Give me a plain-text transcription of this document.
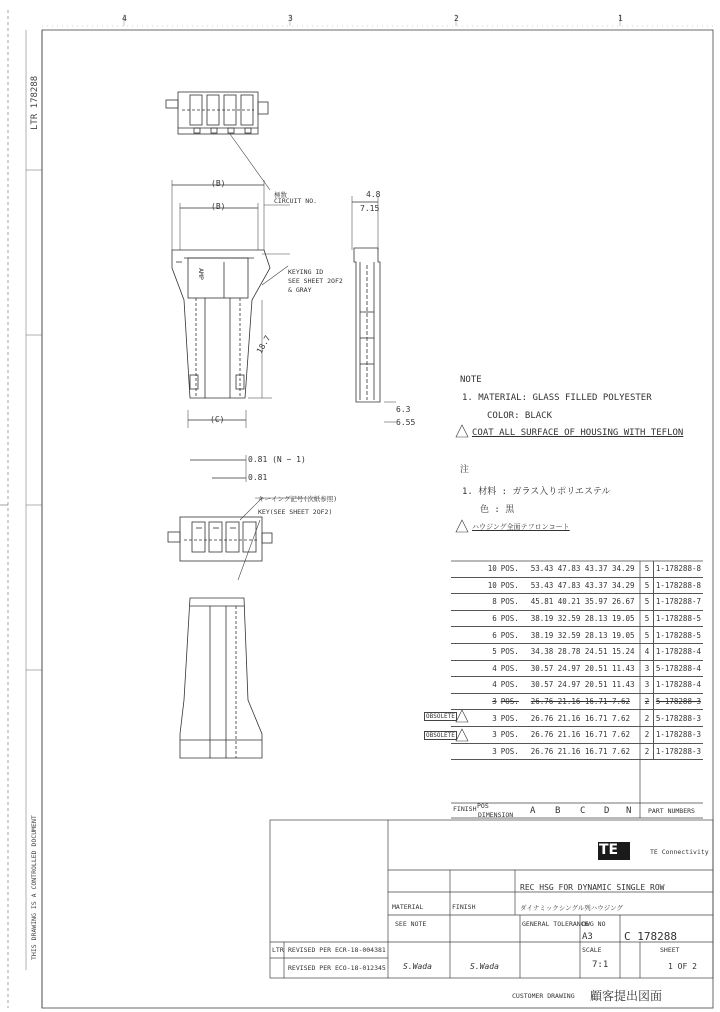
4	3	2	1
LTR 178288
THIS DRAWING IS A CONTROLLED DOCUMENT
(B)
(B)
極数
CIRCUIT NO.
KEYING ID
SEE SHEET 2OF2
& GRAY
(C)
0.81 (N − 1)
0.81
4.8
7.15
6.3
6.55
18.7
AMP
キーイング記号(次紙参照)
KEY(SEE SHEET 2OF2)
NOTE
1. MATERIAL: GLASS FILLED POLYESTER
COLOR: BLACK
COAT ALL SURFACE OF HOUSING WITH TEFLON
注
1. 材料 : ガラス入りポリエステル
色 : 黒
ハウジング全面テフロンコート
10	POS.	53.43 47.83 43.37 34.29	5	1-178288-8
10	POS.	53.43 47.83 43.37 34.29	5	1-178288-8
8	POS.	45.81 40.21 35.97 26.67	5	1-178288-7
6	POS.	38.19 32.59 28.13 19.05	5	1-178288-5
6	POS.	38.19 32.59 28.13 19.05	5	1-178288-5
5	POS.	34.38 28.78 24.51 15.24	4	1-178288-4
4	POS.	30.57 24.97 20.51 11.43	3	5-178288-4
4	POS.	30.57 24.97 20.51 11.43	3	1-178288-4
3	POS.	26.76 21.16 16.71 7.62	2	5-178288-3
3	POS.	26.76 21.16 16.71 7.62	2	5-178288-3
3	POS.	26.76 21.16 16.71 7.62	2	1-178288-3
3	POS.	26.76 21.16 16.71 7.62	2	1-178288-3
OBSOLETE
OBSOLETE
FINISH POS
DIMENSION A B C D N	PART NUMBERS
TE	TE Connectivity
REC HSG FOR DYNAMIC SINGLE ROW
ダイナミックシングル列ハウジング
MATERIAL	FINISH
SEE NOTE	GENERAL TOLERANCE
DWG NO
A3	C 178288
SCALE
7:1
SHEET
1 OF 2
S.Wada	S.Wada
LTR REVISED PER ECR-18-004381
REVISED PER ECO-18-012345
CUSTOMER DRAWING 顧客提出図面
